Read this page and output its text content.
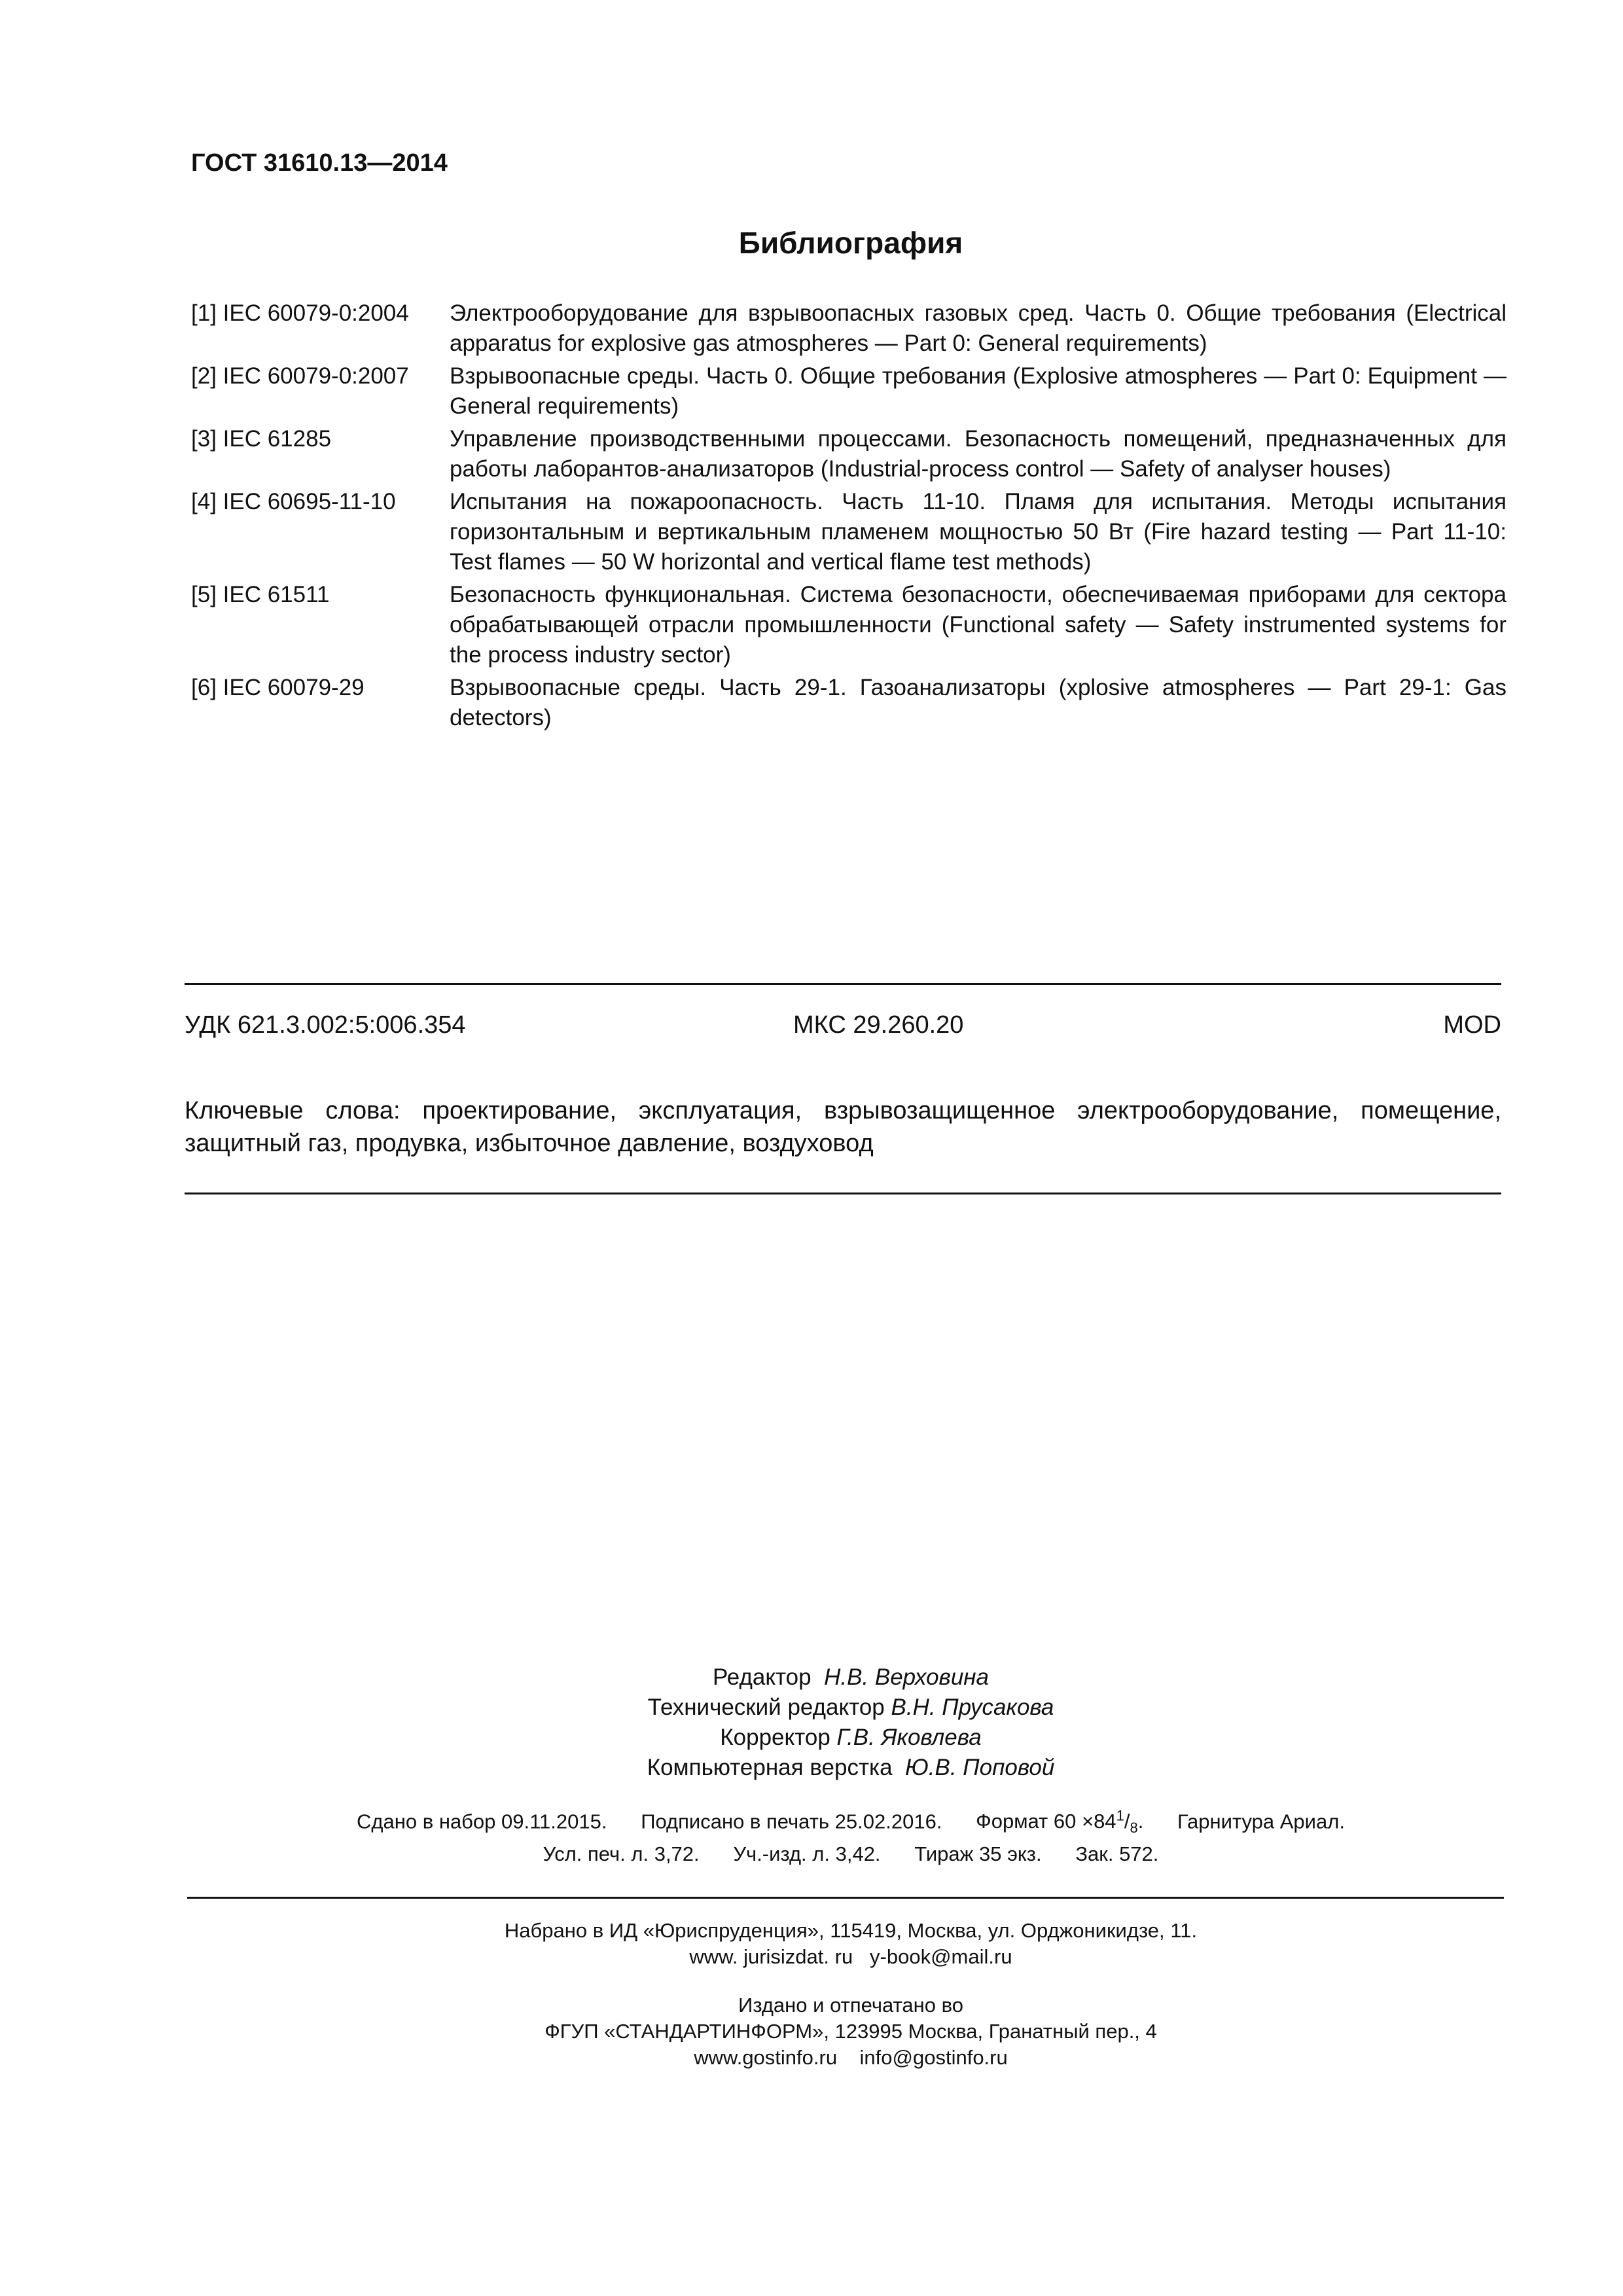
ГОСТ 31610.13—2014
Библиография
[1] IEC 60079-0:2004	Электрооборудование для взрывоопасных газовых сред. Часть 0. Общие требования (Electrical apparatus for explosive gas atmospheres — Part 0: General requirements)
[2] IEC 60079-0:2007	Взрывоопасные среды. Часть 0. Общие требования (Explosive atmospheres — Part 0: Equipment — General requirements)
[3] IEC 61285	Управление производственными процессами. Безопасность помещений, предназначенных для работы лаборантов-анализаторов (Industrial-process control — Safety of analyser houses)
[4] IEC 60695-11-10	Испытания на пожароопасность. Часть 11-10. Пламя для испытания. Методы испытания горизонтальным и вертикальным пламенем мощностью 50 Вт (Fire hazard testing — Part 11-10: Test flames — 50 W horizontal and vertical flame test methods)
[5] IEC 61511	Безопасность функциональная. Система безопасности, обеспечиваемая приборами для сектора обрабатывающей отрасли промышленности (Functional safety — Safety instrumented systems for the process industry sector)
[6] IEC 60079-29	Взрывоопасные среды. Часть 29-1. Газоанализаторы (xplosive atmospheres — Part 29-1: Gas detectors)
УДК 621.3.002:5:006.354	МКС 29.260.20	MOD
Ключевые слова: проектирование, эксплуатация, взрывозащищенное электрооборудование, помещение, защитный газ, продувка, избыточное давление, воздуховод
Редактор Н.В. Верховина
Технический редактор В.Н. Прусакова
Корректор Г.В. Яковлева
Компьютерная верстка Ю.В. Поповой
Сдано в набор 09.11.2015. Подписано в печать 25.02.2016. Формат $60 \times 84^1/_8$. Гарнитура Ариал.
Усл. печ. л. 3,72. Уч.-изд. л. 3,42. Тираж 35 экз. Зак. 572.
Набрано в ИД «Юриспруденция», 115419, Москва, ул. Орджоникидзе, 11.
www. jurisizdat. ru y-book@mail.ru
Издано и отпечатано во
ФГУП «СТАНДАРТИНФОРМ», 123995 Москва, Гранатный пер., 4
www.gostinfo.ru info@gostinfo.ru
